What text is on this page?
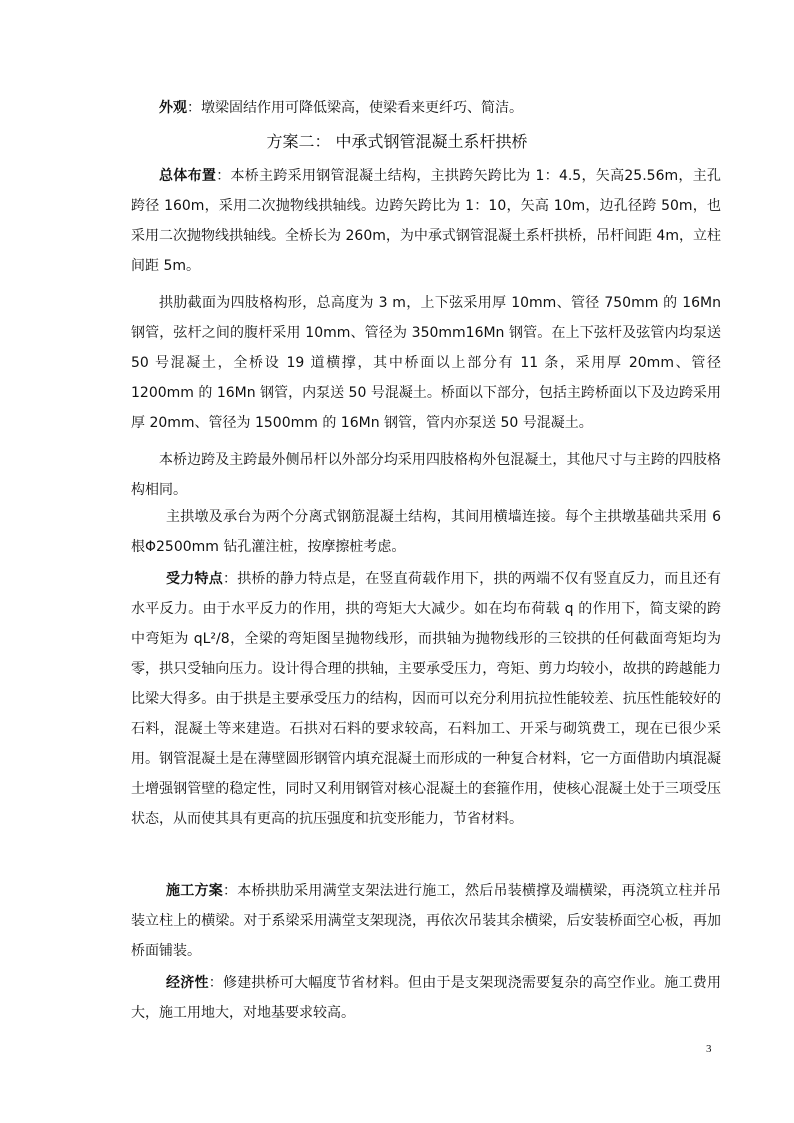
外观：墩梁固结作用可降低梁高，使梁看来更纤巧、简洁。

方案二： 中承式钢管混凝土系杆拱桥

总体布置：本桥主跨采用钢管混凝土结构，主拱跨矢跨比为 1：4.5，矢高25.56m，主孔跨径 160m，采用二次抛物线拱轴线。边跨矢跨比为 1：10，矢高 10m，边孔径跨 50m，也采用二次抛物线拱轴线。全桥长为 260m，为中承式钢管混凝土系杆拱桥，吊杆间距 4m，立柱间距 5m。

拱肋截面为四肢格构形，总高度为 3 m，上下弦采用厚 10mm、管径 750mm 的 16Mn 钢管，弦杆之间的腹杆采用 10mm、管径为 350mm16Mn 钢管。在上下弦杆及弦管内均泵送 50 号混凝土，全桥设 19 道横撑，其中桥面以上部分有 11 条，采用厚 20mm、管径 1200mm 的 16Mn 钢管，内泵送 50 号混凝土。桥面以下部分，包括主跨桥面以下及边跨采用厚 20mm、管径为 1500mm 的 16Mn 钢管，管内亦泵送 50 号混凝土。

本桥边跨及主跨最外侧吊杆以外部分均采用四肢格构外包混凝土，其他尺寸与主跨的四肢格构相同。

主拱墩及承台为两个分离式钢筋混凝土结构，其间用横墙连接。每个主拱墩基础共采用 6 根Φ2500mm 钻孔灌注桩，按摩擦桩考虑。

受力特点：拱桥的静力特点是，在竖直荷载作用下，拱的两端不仅有竖直反力，而且还有水平反力。由于水平反力的作用，拱的弯矩大大减少。如在均布荷载 q 的作用下，简支梁的跨中弯矩为 qL²/8，全梁的弯矩图呈抛物线形，而拱轴为抛物线形的三铰拱的任何截面弯矩均为零，拱只受轴向压力。设计得合理的拱轴，主要承受压力，弯矩、剪力均较小，故拱的跨越能力比梁大得多。由于拱是主要承受压力的结构，因而可以充分利用抗拉性能较差、抗压性能较好的石料，混凝土等来建造。石拱对石料的要求较高，石料加工、开采与砌筑费工，现在已很少采用。钢管混凝土是在薄壁圆形钢管内填充混凝土而形成的一种复合材料，它一方面借助内填混凝土增强钢管壁的稳定性，同时又利用钢管对核心混凝土的套箍作用，使核心混凝土处于三项受压状态，从而使其具有更高的抗压强度和抗变形能力，节省材料。

施工方案：本桥拱肋采用满堂支架法进行施工，然后吊装横撑及端横梁，再浇筑立柱并吊装立柱上的横梁。对于系梁采用满堂支架现浇，再依次吊装其余横梁，后安装桥面空心板，再加桥面铺装。

经济性：修建拱桥可大幅度节省材料。但由于是支架现浇需要复杂的高空作业。施工费用大，施工用地大，对地基要求较高。

3
